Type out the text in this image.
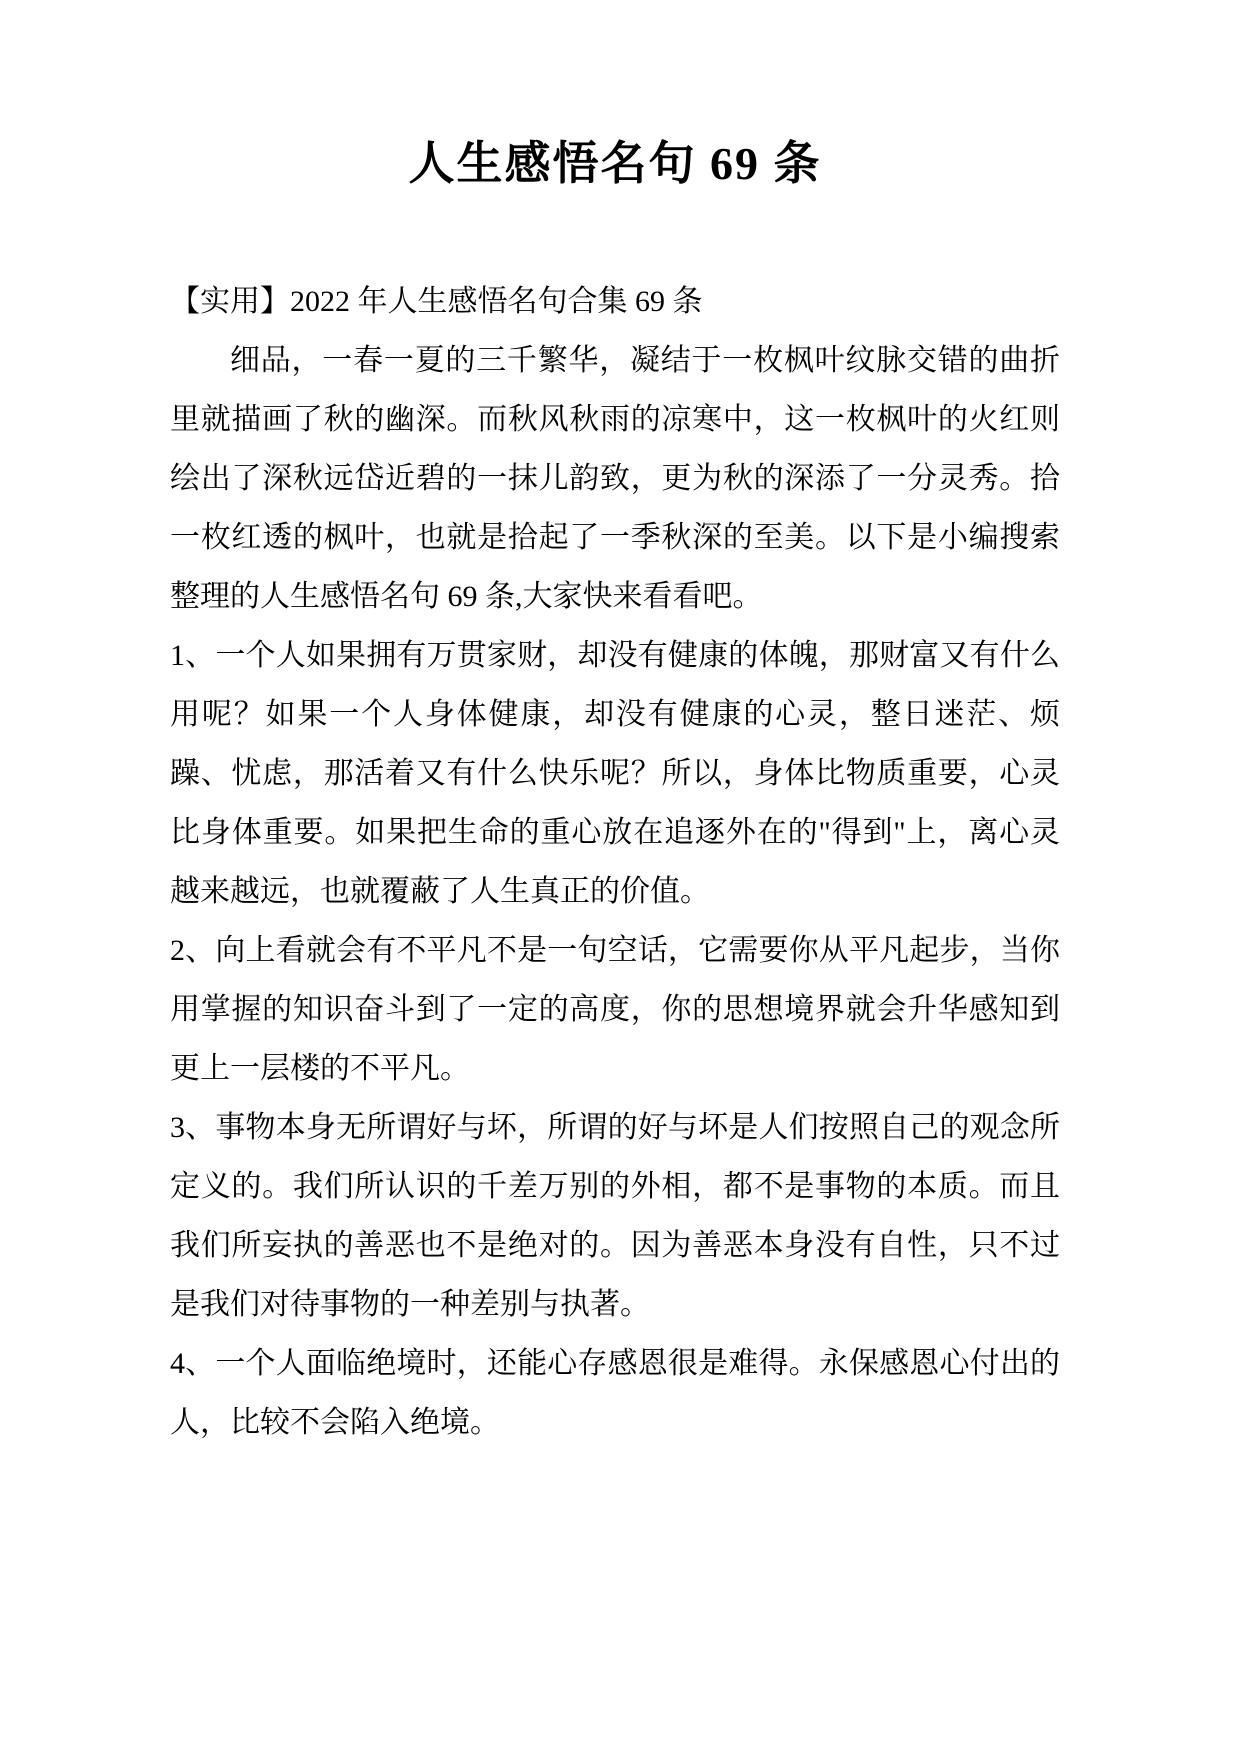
人生感悟名句 69 条

【实用】2022 年人生感悟名句合集 69 条

细品，一春一夏的三千繁华，凝结于一枚枫叶纹脉交错的曲折里就描画了秋的幽深。而秋风秋雨的凉寒中，这一枚枫叶的火红则绘出了深秋远岱近碧的一抹儿韵致，更为秋的深添了一分灵秀。拾一枚红透的枫叶，也就是拾起了一季秋深的至美。以下是小编搜索整理的人生感悟名句 69 条,大家快来看看吧。

1、一个人如果拥有万贯家财，却没有健康的体魄，那财富又有什么用呢？如果一个人身体健康，却没有健康的心灵，整日迷茫、烦躁、忧虑，那活着又有什么快乐呢？所以，身体比物质重要，心灵比身体重要。如果把生命的重心放在追逐外在的"得到"上，离心灵越来越远，也就覆蔽了人生真正的价值。

2、向上看就会有不平凡不是一句空话，它需要你从平凡起步，当你用掌握的知识奋斗到了一定的高度，你的思想境界就会升华感知到更上一层楼的不平凡。

3、事物本身无所谓好与坏，所谓的好与坏是人们按照自己的观念所定义的。我们所认识的千差万别的外相，都不是事物的本质。而且我们所妄执的善恶也不是绝对的。因为善恶本身没有自性，只不过是我们对待事物的一种差别与执著。

4、一个人面临绝境时，还能心存感恩很是难得。永保感恩心付出的人，比较不会陷入绝境。
